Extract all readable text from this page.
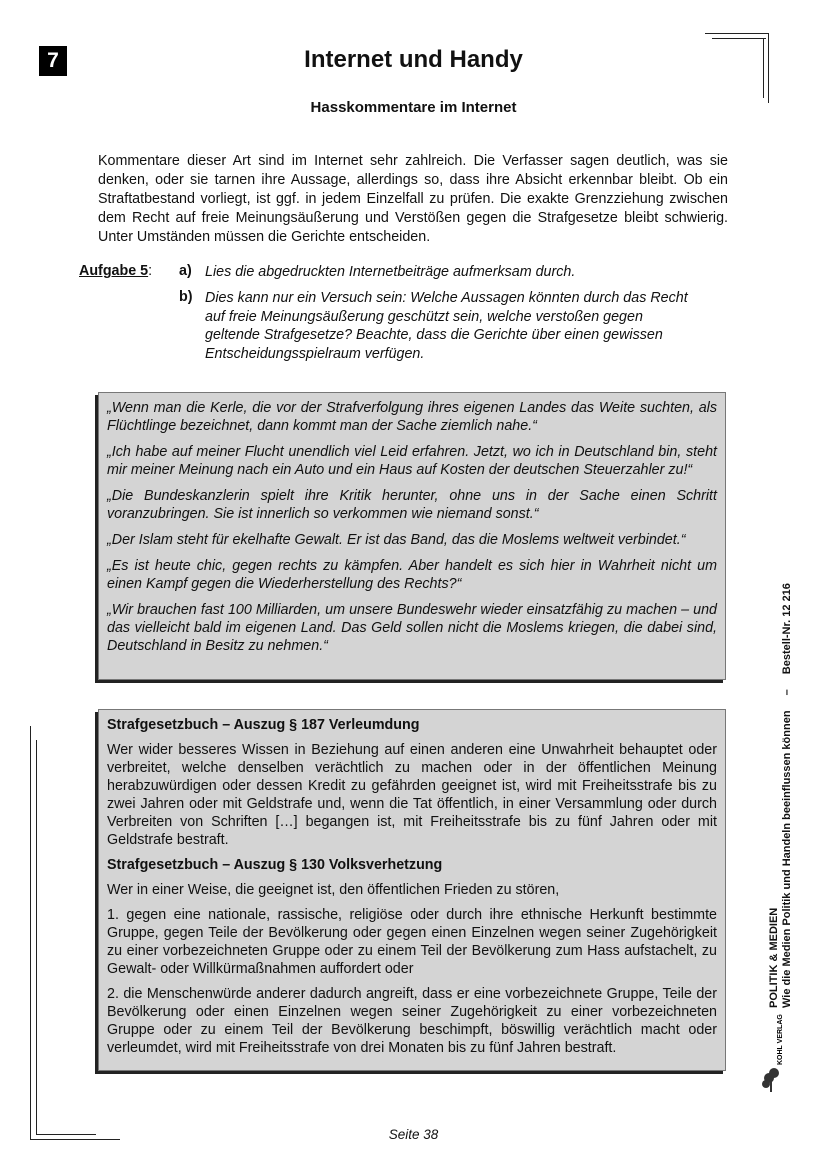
7	Internet und Handy
Hasskommentare im Internet

Kommentare dieser Art sind im Internet sehr zahlreich. Die Verfasser sagen deutlich, was sie denken, oder sie tarnen ihre Aussage, allerdings so, dass ihre Absicht erkennbar bleibt. Ob ein Straftatbestand vorliegt, ist ggf. in jedem Einzelfall zu prüfen. Die exakte Grenzziehung zwischen dem Recht auf freie Meinungsäußerung und Verstößen gegen die Strafgesetze bleibt schwierig. Unter Umständen müssen die Gerichte entscheiden.

Aufgabe 5: a) Lies die abgedruckten Internetbeiträge aufmerksam durch.
b) Dies kann nur ein Versuch sein: Welche Aussagen könnten durch das Recht auf freie Meinungsäußerung geschützt sein, welche verstoßen gegen geltende Strafgesetze? Beachte, dass die Gerichte über einen gewissen Entscheidungsspielraum verfügen.

„Wenn man die Kerle, die vor der Strafverfolgung ihres eigenen Landes das Weite suchten, als Flüchtlinge bezeichnet, dann kommt man der Sache ziemlich nahe.“

„Ich habe auf meiner Flucht unendlich viel Leid erfahren. Jetzt, wo ich in Deutschland bin, steht mir meiner Meinung nach ein Auto und ein Haus auf Kosten der deutschen Steuerzahler zu!“

„Die Bundeskanzlerin spielt ihre Kritik herunter, ohne uns in der Sache einen Schritt voranzubringen. Sie ist innerlich so verkommen wie niemand sonst.“

„Der Islam steht für ekelhafte Gewalt. Er ist das Band, das die Moslems weltweit verbindet.“

„Es ist heute chic, gegen rechts zu kämpfen. Aber handelt es sich hier in Wahrheit nicht um einen Kampf gegen die Wiederherstellung des Rechts?“

„Wir brauchen fast 100 Milliarden, um unsere Bundeswehr wieder einsatzfähig zu machen – und das vielleicht bald im eigenen Land. Das Geld sollen nicht die Moslems kriegen, die dabei sind, Deutschland in Besitz zu nehmen.“

Strafgesetzbuch – Auszug § 187 Verleumdung

Wer wider besseres Wissen in Beziehung auf einen anderen eine Unwahrheit behauptet oder verbreitet, welche denselben verächtlich zu machen oder in der öffentlichen Meinung herabzuwürdigen oder dessen Kredit zu gefährden geeignet ist, wird mit Freiheitsstrafe bis zu zwei Jahren oder mit Geldstrafe und, wenn die Tat öffentlich, in einer Versammlung oder durch Verbreiten von Schriften […] begangen ist, mit Freiheitsstrafe bis zu fünf Jahren oder mit Geldstrafe bestraft.

Strafgesetzbuch – Auszug § 130 Volksverhetzung

Wer in einer Weise, die geeignet ist, den öffentlichen Frieden zu stören,

1. gegen eine nationale, rassische, religiöse oder durch ihre ethnische Herkunft bestimmte Gruppe, gegen Teile der Bevölkerung oder gegen einen Einzelnen wegen seiner Zugehörigkeit zu einer vorbezeichneten Gruppe oder zu einem Teil der Bevölkerung zum Hass aufstachelt, zu Gewalt- oder Willkürmaßnahmen auffordert oder

2. die Menschenwürde anderer dadurch angreift, dass er eine vorbezeichnete Gruppe, Teile der Bevölkerung oder einen Einzelnen wegen seiner Zugehörigkeit zu einer vorbezeichneten Gruppe oder zu einem Teil der Bevölkerung beschimpft, böswillig verächtlich macht oder verleumdet, wird mit Freiheitsstrafe von drei Monaten bis zu fünf Jahren bestraft.

POLITIK & MEDIEN Wie die Medien Politik und Handeln beeinflussen können – Bestell-Nr. 12 216
KOHL VERLAG
Seite 38
